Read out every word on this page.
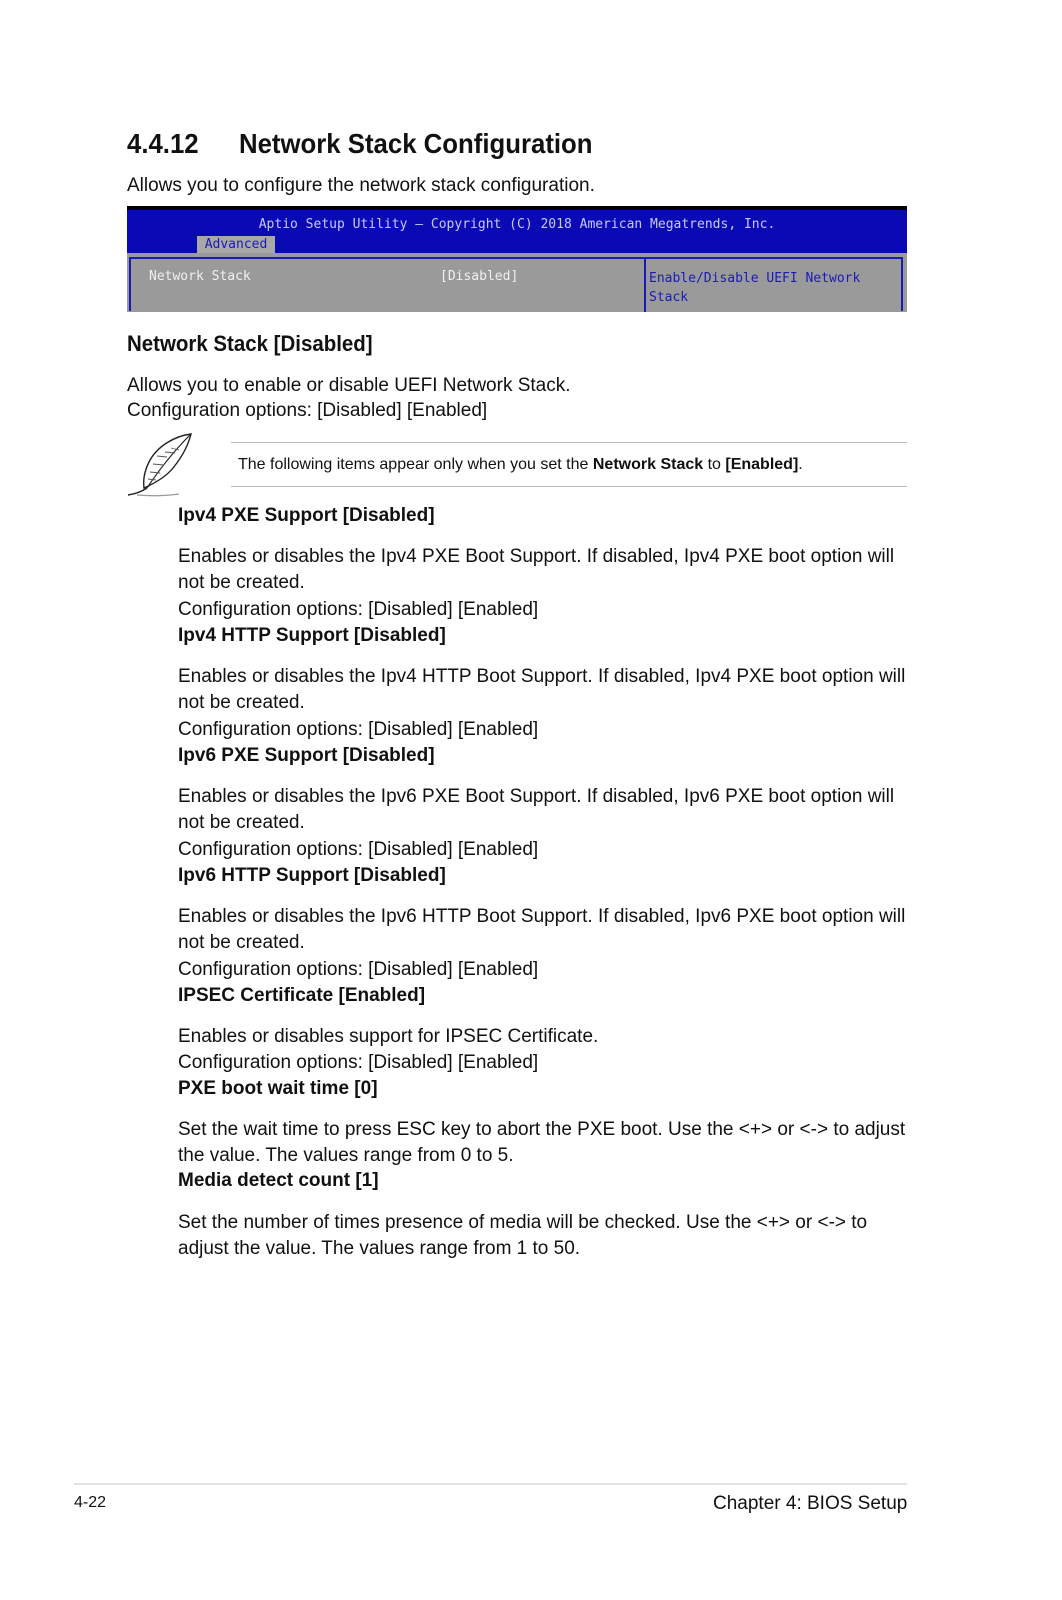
4.4.12 Network Stack Configuration
Allows you to configure the network stack configuration.
Aptio Setup Utility – Copyright (C) 2018 American Megatrends, Inc.
Advanced
Network Stack	[Disabled]	Enable/Disable UEFI Network Stack
Network Stack [Disabled]
Allows you to enable or disable UEFI Network Stack.
Configuration options: [Disabled] [Enabled]
The following items appear only when you set the Network Stack to [Enabled].
Ipv4 PXE Support [Disabled]

Enables or disables the Ipv4 PXE Boot Support. If disabled, Ipv4 PXE boot option will not be created.

Configuration options: [Disabled] [Enabled]

Ipv4 HTTP Support [Disabled]

Enables or disables the Ipv4 HTTP Boot Support. If disabled, Ipv4 PXE boot option will not be created.

Configuration options: [Disabled] [Enabled]

Ipv6 PXE Support [Disabled]

Enables or disables the Ipv6 PXE Boot Support. If disabled, Ipv6 PXE boot option will not be created.

Configuration options: [Disabled] [Enabled]

Ipv6 HTTP Support [Disabled]

Enables or disables the Ipv6 HTTP Boot Support. If disabled, Ipv6 PXE boot option will not be created.

Configuration options: [Disabled] [Enabled]

IPSEC Certificate [Enabled]

Enables or disables support for IPSEC Certificate.

Configuration options: [Disabled] [Enabled]

PXE boot wait time [0]

Set the wait time to press ESC key to abort the PXE boot. Use the <+> or <-> to adjust the value. The values range from 0 to 5.

Media detect count [1]

Set the number of times presence of media will be checked. Use the <+> or <-> to adjust the value. The values range from 1 to 50.

4-22	Chapter 4: BIOS Setup
